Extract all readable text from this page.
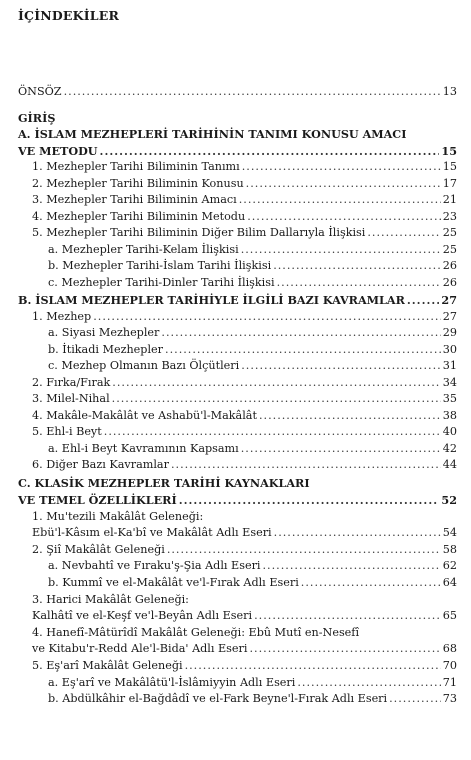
İÇİNDEKİLER
ÖNSÖZ .....	13
GİRİŞ
A. İSLAM MEZHEPLERİ TARİHİNİN TANIMI KONUSU AMACI
VE METODU .....	15
1. Mezhepler Tarihi Biliminin Tanımı .....	15
2. Mezhepler Tarihi Biliminin Konusu .....	17
3. Mezhepler Tarihi Biliminin Amacı .....	21
4. Mezhepler Tarihi Biliminin Metodu .....	23
5. Mezhepler Tarihi Biliminin Diğer Bilim Dallarıyla İlişkisi .....	25
a. Mezhepler Tarihi-Kelam İlişkisi .....	25
b. Mezhepler Tarihi-İslam Tarihi İlişkisi .....	26
c. Mezhepler Tarihi-Dinler Tarihi İlişkisi .....	26
B. İSLAM MEZHEPLER TARİHİYLE İLGİLİ BAZI KAVRAMLAR .....	27
1. Mezhep .....	27
a. Siyasi Mezhepler .....	29
b. İtikadi Mezhepler .....	30
c. Mezhep Olmanın Bazı Ölçütleri .....	31
2. Fırka/Fırak .....	34
3. Milel-Nihal .....	35
4. Makâle-Makâlât ve Ashabü'l-Makâlât .....	38
5. Ehl-i Beyt .....	40
a. Ehl-i Beyt Kavramının Kapsamı .....	42
6. Diğer Bazı Kavramlar .....	44
C. KLASİK MEZHEPLER TARİHİ KAYNAKLARI
VE TEMEL ÖZELLİKLERİ .....	52
1. Mu'tezili Makâlât Geleneği:
Ebü'l-Kâsım el-Ka'bî ve Makâlât Adlı Eseri .....	54
2. Şiî Makâlât Geleneği .....	58
a. Nevbahtî ve Fıraku'ş-Şia Adlı Eseri .....	62
b. Kummî ve el-Makâlât ve'l-Fırak Adlı Eseri .....	64
3. Harici Makâlât Geleneği:
Kalhâtî ve el-Keşf ve'l-Beyân Adlı Eseri .....	65
4. Hanefî-Mâtürîdî Makâlât Geleneği: Ebû Mutî en-Nesefî
ve Kitabu'r-Redd Ale'l-Bida' Adlı Eseri .....	68
5. Eş'arî Makâlât Geleneği .....	70
a. Eş'arî ve Makâlâtü'l-İslâmiyyin Adlı Eseri .....	71
b. Abdülkâhir el-Bağdâdî ve el-Fark Beyne'l-Fırak Adlı Eseri .....	73
